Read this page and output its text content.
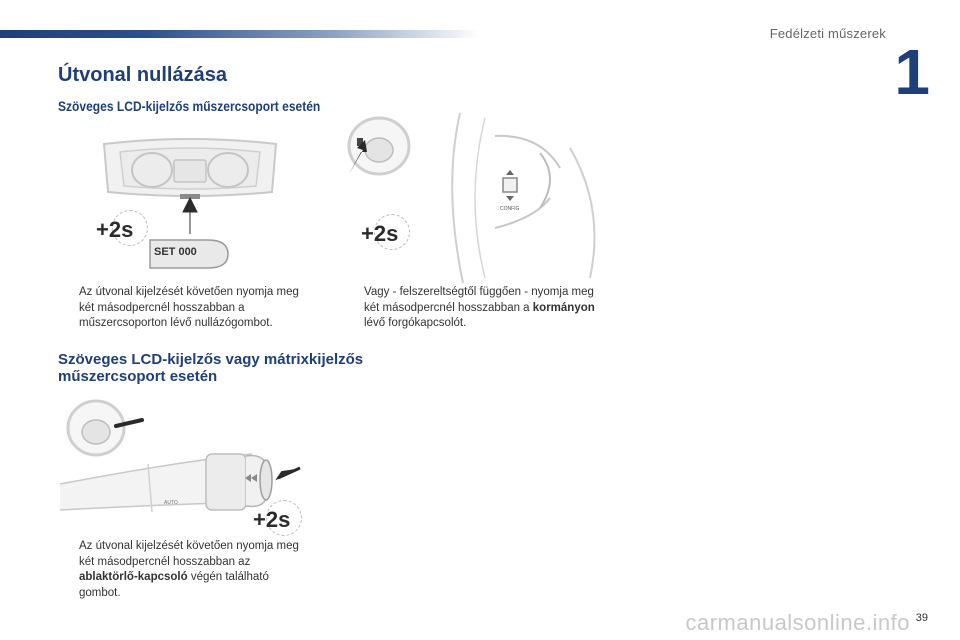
Fedélzeti műszerek
1
Útvonal nullázása
Szöveges LCD-kijelzős műszercsoport esetén
+2s
SET 000
CONFIG
+2s
Az útvonal kijelzését követően nyomja meg két másodpercnél hosszabban a műszercsoporton lévő nullázógombot.
Vagy - felszereltségtől függően - nyomja meg két másodpercnél hosszabban a kormányon lévő forgókapcsolót.
Szöveges LCD-kijelzős vagy mátrixkijelzős műszercsoport esetén
AUTO
+2s
Az útvonal kijelzését követően nyomja meg két másodpercnél hosszabban az ablaktörlő-kapcsoló végén található gombot.
39
carmanualsonline.info
